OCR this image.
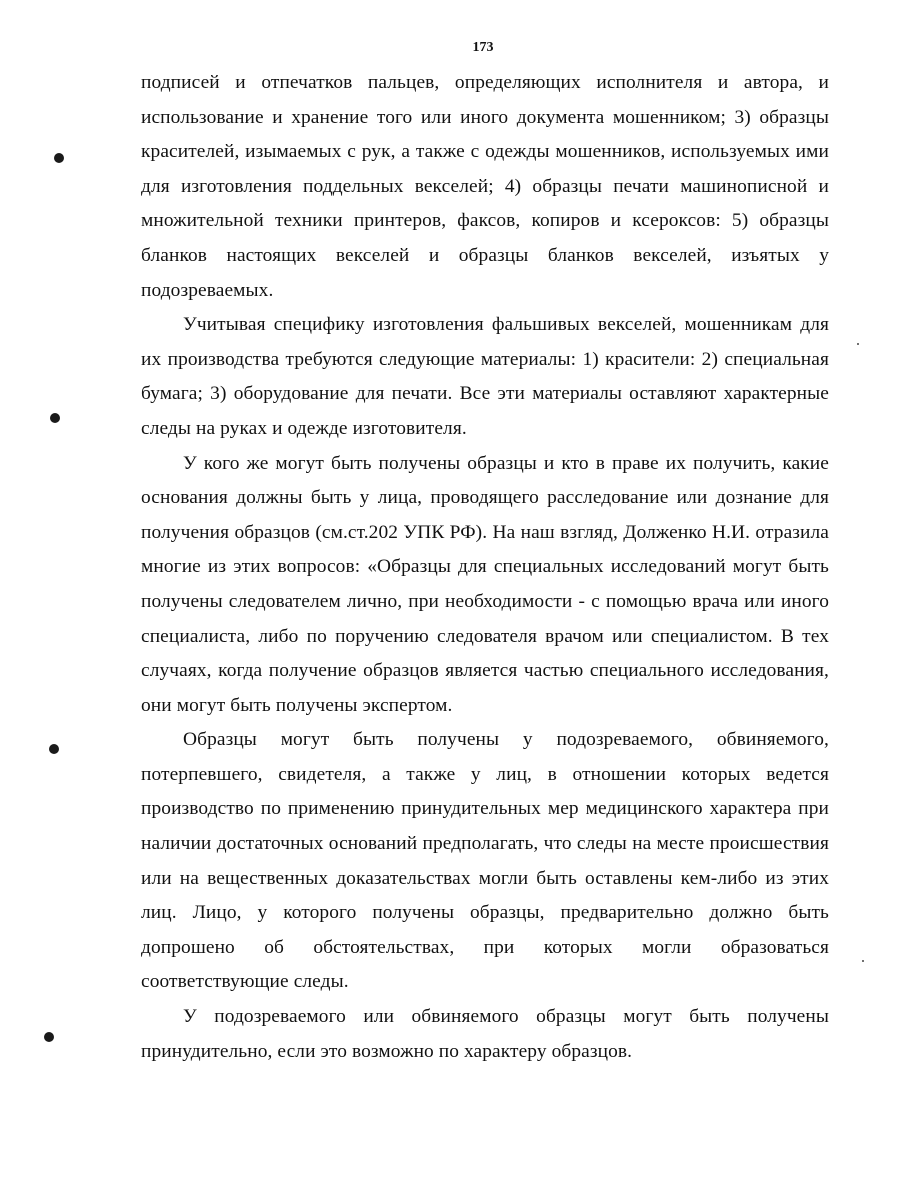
173

подписей и отпечатков пальцев, определяющих исполнителя и автора, и использование и хранение того или иного документа мошенником; 3) образцы красителей, изымаемых с рук, а также с одежды мошенников, используемых ими для изготовления поддельных векселей; 4) образцы печати машинописной и множительной техники принтеров, факсов, копиров и ксероксов: 5) образцы бланков настоящих векселей и образцы бланков векселей, изъятых у подозреваемых.

Учитывая специфику изготовления фальшивых векселей, мошенникам для их производства требуются следующие материалы: 1) красители: 2) специальная бумага; 3) оборудование для печати. Все эти материалы оставляют характерные следы на руках и одежде изготовителя.

У кого же могут быть получены образцы и кто в праве их получить, какие основания должны быть у лица, проводящего расследование или дознание для получения образцов (см.ст.202 УПК РФ). На наш взгляд, Долженко Н.И. отразила многие из этих вопросов: «Образцы для специальных исследований могут быть получены следователем лично, при необходимости - с помощью врача или иного специалиста, либо по поручению следователя врачом или специалистом. В тех случаях, когда получение образцов является частью специального исследования, они могут быть получены экспертом.

Образцы могут быть получены у подозреваемого, обвиняемого, потерпевшего, свидетеля, а также у лиц, в отношении которых ведется производство по применению принудительных мер медицинского характера при наличии достаточных оснований предполагать, что следы на месте происшествия или на вещественных доказательствах могли быть оставлены кем-либо из этих лиц. Лицо, у которого получены образцы, предварительно должно быть допрошено об обстоятельствах, при которых могли образоваться соответствующие следы.

У подозреваемого или обвиняемого образцы могут быть получены принудительно, если это возможно по характеру образцов.
